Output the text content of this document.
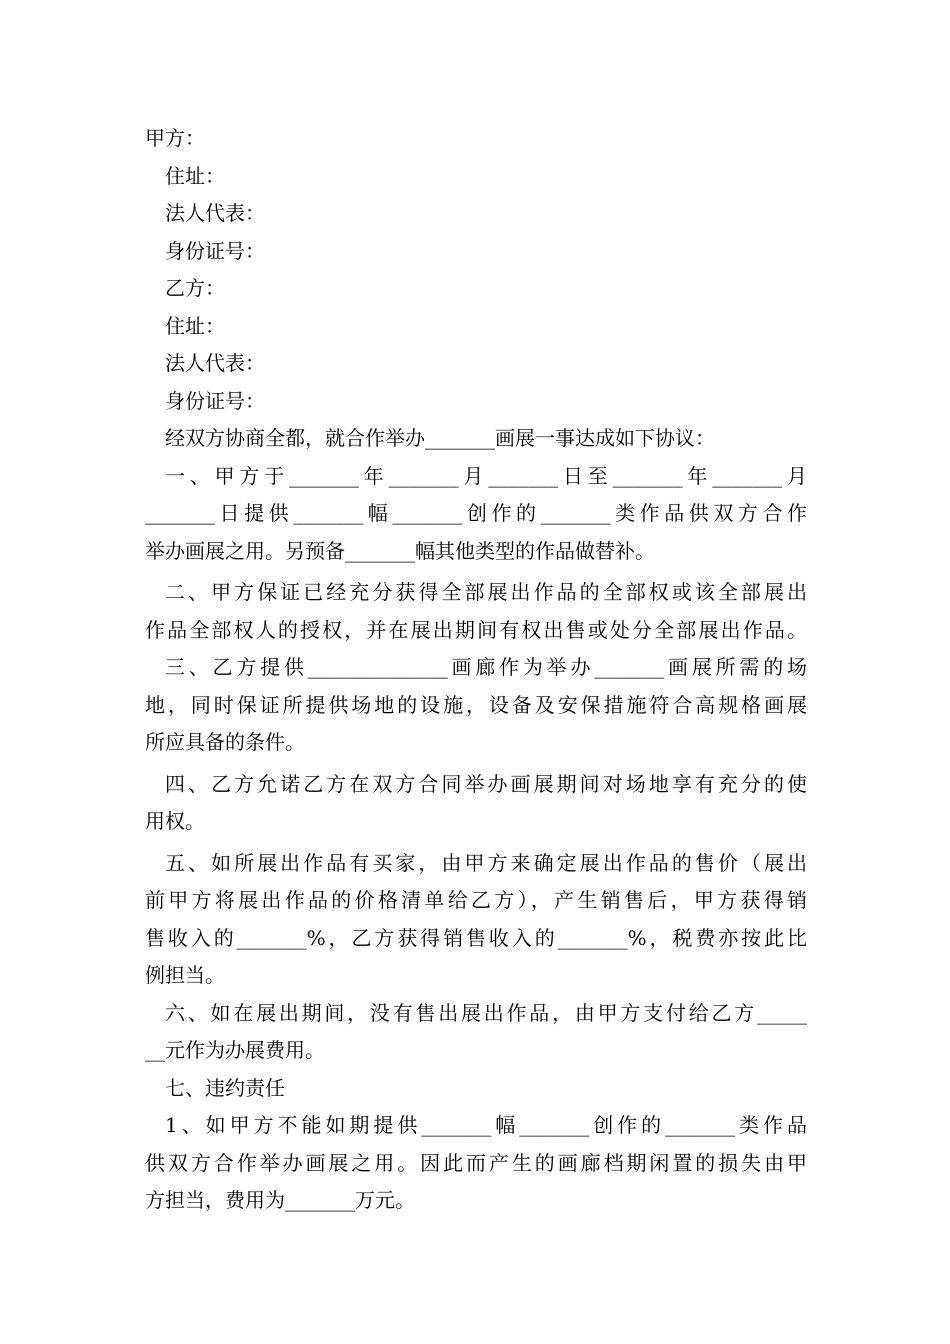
甲方：
住址：
法人代表：
身份证号：
乙方：
住址：
法人代表：
身份证号：
经双方协商全都，就合作举办_______画展一事达成如下协议：
一、甲方于_______年_______月_______日至_______年_______月
_______日提供_______幅_______创作的_______类作品供双方合作
举办画展之用。另预备_______幅其他类型的作品做替补。
二、甲方保证已经充分获得全部展出作品的全部权或该全部展出
作品全部权人的授权，并在展出期间有权出售或处分全部展出作品。
三、乙方提供______________画廊作为举办_______画展所需的场
地，同时保证所提供场地的设施，设备及安保措施符合高规格画展
所应具备的条件。
四、乙方允诺乙方在双方合同举办画展期间对场地享有充分的使
用权。
五、如所展出作品有买家，由甲方来确定展出作品的售价（展出
前甲方将展出作品的价格清单给乙方），产生销售后，甲方获得销
售收入的_______%，乙方获得销售收入的_______%，税费亦按此比
例担当。
六、如在展出期间，没有售出展出作品，由甲方支付给乙方_____
__元作为办展费用。
七、违约责任
1、如甲方不能如期提供_______幅_______创作的_______类作品
供双方合作举办画展之用。因此而产生的画廊档期闲置的损失由甲
方担当，费用为_______万元。
